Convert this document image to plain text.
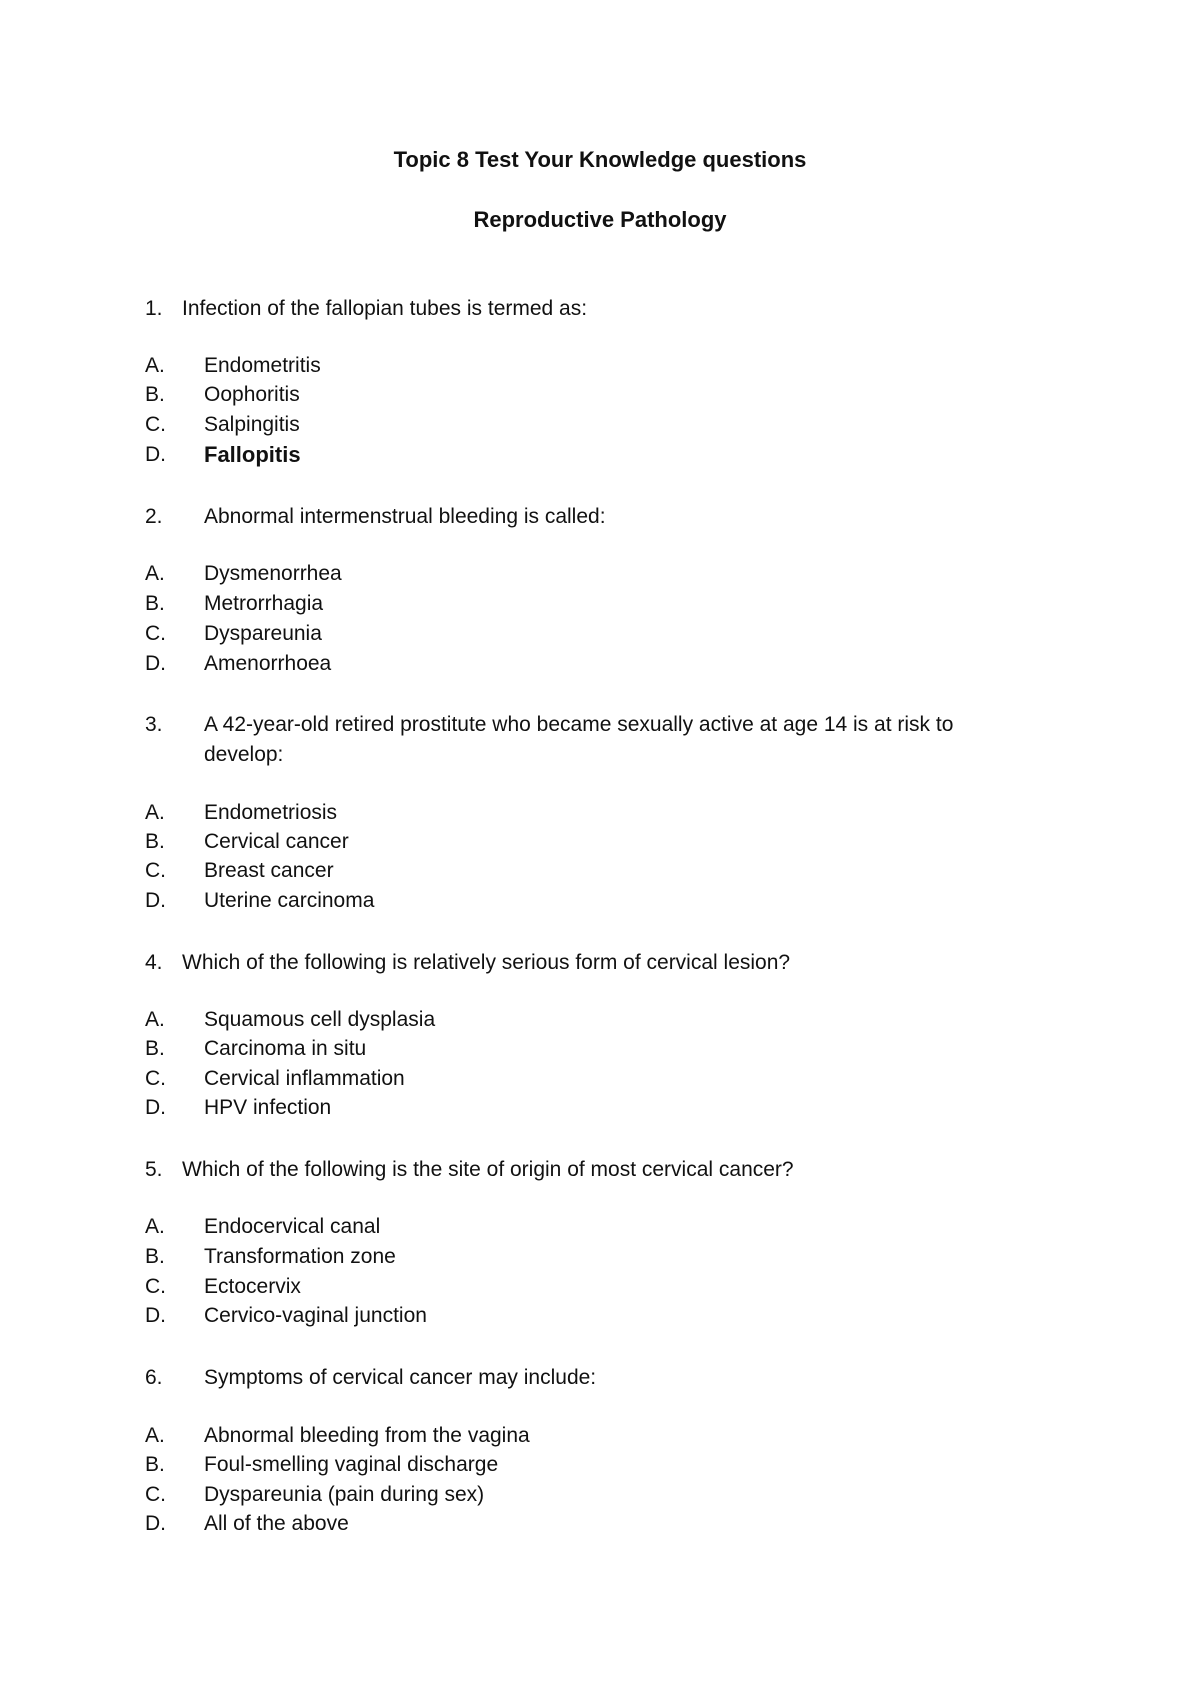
Topic 8 Test Your Knowledge questions
Reproductive Pathology
1. Infection of the fallopian tubes is termed as:
A.	Endometritis
B.	Oophoritis
C.	Salpingitis
D.	Fallopitis
2.	Abnormal intermenstrual bleeding is called:
A.	Dysmenorrhea
B.	Metrorrhagia
C.	Dyspareunia
D.	Amenorrhoea
3.	A 42-year-old retired prostitute who became sexually active at age 14 is at risk to
develop:
A.	Endometriosis
B.	Cervical cancer
C.	Breast cancer
D.	Uterine carcinoma
4. Which of the following is relatively serious form of cervical lesion?
A.	Squamous cell dysplasia
B.	Carcinoma in situ
C.	Cervical inflammation
D.	HPV infection
5. Which of the following is the site of origin of most cervical cancer?
A.	Endocervical canal
B.	Transformation zone
C.	Ectocervix
D.	Cervico-vaginal junction
6.	Symptoms of cervical cancer may include:
A.	Abnormal bleeding from the vagina
B.	Foul-smelling vaginal discharge
C.	Dyspareunia (pain during sex)
D.	All of the above
